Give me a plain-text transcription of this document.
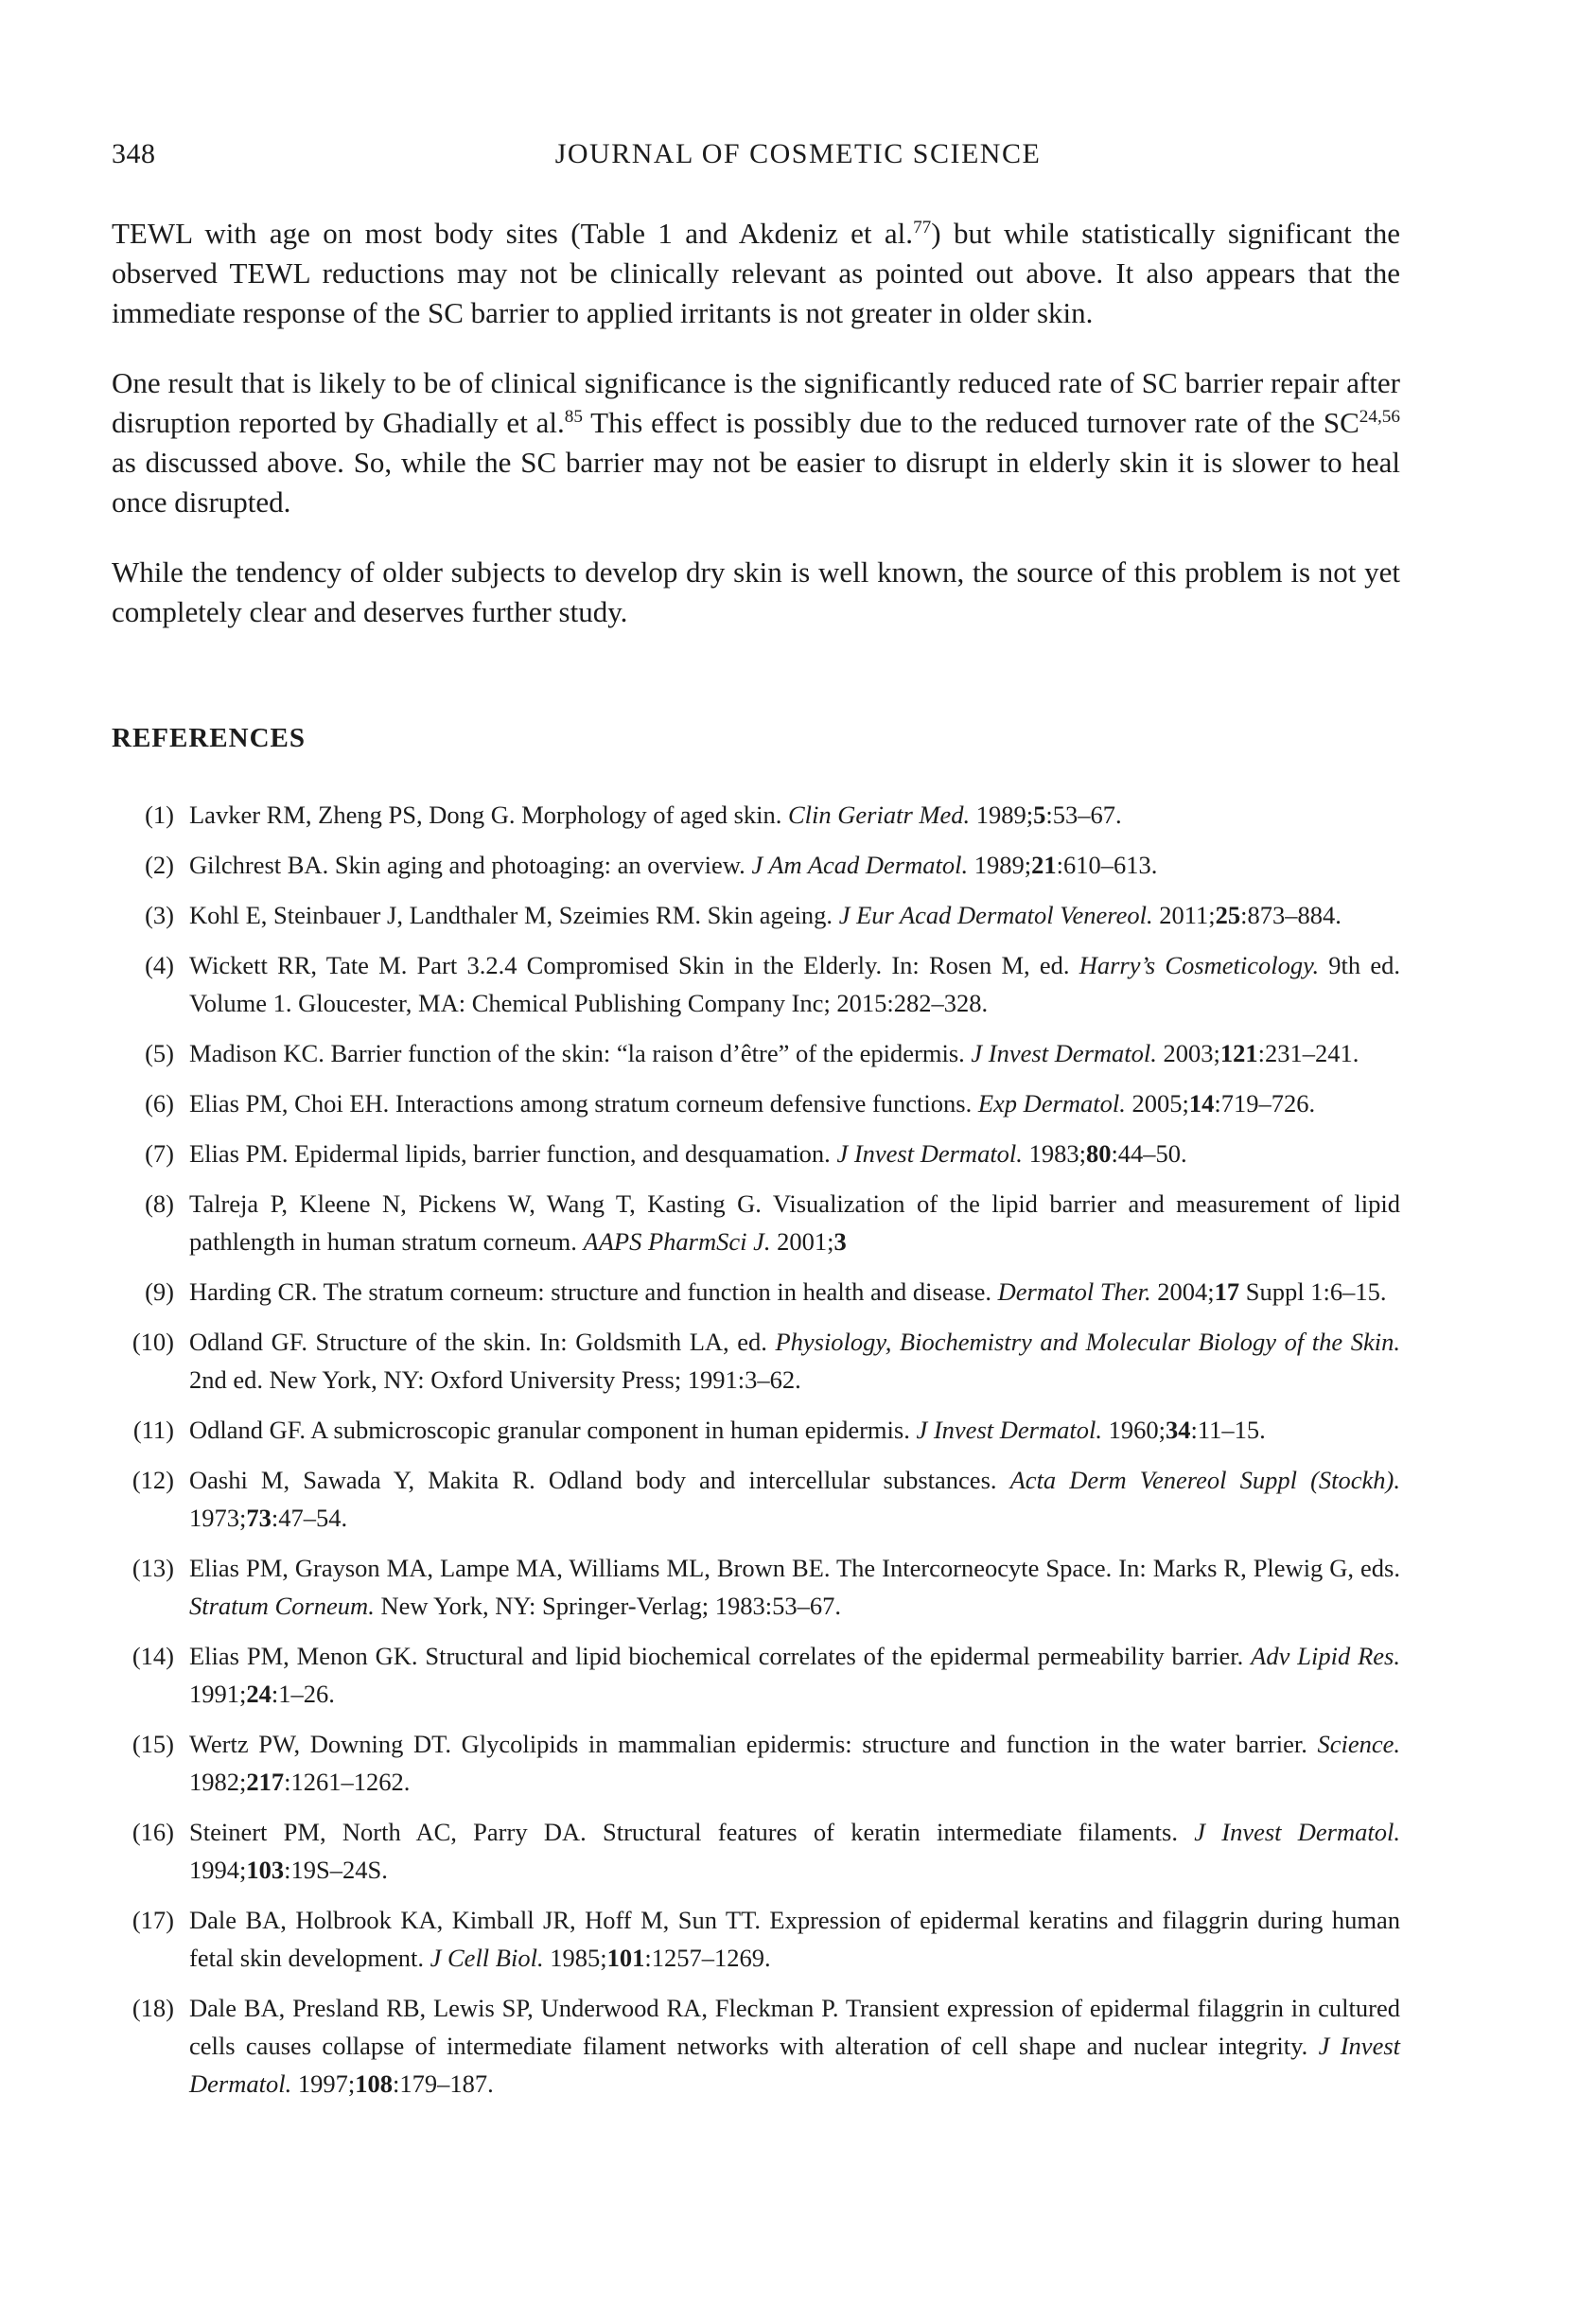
348	JOURNAL OF COSMETIC SCIENCE
TEWL with age on most body sites (Table 1 and Akdeniz et al.$^{77}$) but while statistically significant the observed TEWL reductions may not be clinically relevant as pointed out above. It also appears that the immediate response of the SC barrier to applied irritants is not greater in older skin.
One result that is likely to be of clinical significance is the significantly reduced rate of SC barrier repair after disruption reported by Ghadially et al.$^{85}$ This effect is possibly due to the reduced turnover rate of the SC$^{24,56}$ as discussed above. So, while the SC barrier may not be easier to disrupt in elderly skin it is slower to heal once disrupted.
While the tendency of older subjects to develop dry skin is well known, the source of this problem is not yet completely clear and deserves further study.
REFERENCES
(1) Lavker RM, Zheng PS, Dong G. Morphology of aged skin. Clin Geriatr Med. 1989;5:53–67.
(2) Gilchrest BA. Skin aging and photoaging: an overview. J Am Acad Dermatol. 1989;21:610–613.
(3) Kohl E, Steinbauer J, Landthaler M, Szeimies RM. Skin ageing. J Eur Acad Dermatol Venereol. 2011;25:873–884.
(4) Wickett RR, Tate M. Part 3.2.4 Compromised Skin in the Elderly. In: Rosen M, ed. Harry’s Cosmeticology. 9th ed. Volume 1. Gloucester, MA: Chemical Publishing Company Inc; 2015:282–328.
(5) Madison KC. Barrier function of the skin: “la raison d’être” of the epidermis. J Invest Dermatol. 2003;121:231–241.
(6) Elias PM, Choi EH. Interactions among stratum corneum defensive functions. Exp Dermatol. 2005;14:719–726.
(7) Elias PM. Epidermal lipids, barrier function, and desquamation. J Invest Dermatol. 1983;80:44–50.
(8) Talreja P, Kleene N, Pickens W, Wang T, Kasting G. Visualization of the lipid barrier and measurement of lipid pathlength in human stratum corneum. AAPS PharmSci J. 2001;3
(9) Harding CR. The stratum corneum: structure and function in health and disease. Dermatol Ther. 2004;17 Suppl 1:6–15.
(10) Odland GF. Structure of the skin. In: Goldsmith LA, ed. Physiology, Biochemistry and Molecular Biology of the Skin. 2nd ed. New York, NY: Oxford University Press; 1991:3–62.
(11) Odland GF. A submicroscopic granular component in human epidermis. J Invest Dermatol. 1960;34:11–15.
(12) Oashi M, Sawada Y, Makita R. Odland body and intercellular substances. Acta Derm Venereol Suppl (Stockh). 1973;73:47–54.
(13) Elias PM, Grayson MA, Lampe MA, Williams ML, Brown BE. The Intercorneocyte Space. In: Marks R, Plewig G, eds. Stratum Corneum. New York, NY: Springer-Verlag; 1983:53–67.
(14) Elias PM, Menon GK. Structural and lipid biochemical correlates of the epidermal permeability barrier. Adv Lipid Res. 1991;24:1–26.
(15) Wertz PW, Downing DT. Glycolipids in mammalian epidermis: structure and function in the water barrier. Science. 1982;217:1261–1262.
(16) Steinert PM, North AC, Parry DA. Structural features of keratin intermediate filaments. J Invest Dermatol. 1994;103:19S–24S.
(17) Dale BA, Holbrook KA, Kimball JR, Hoff M, Sun TT. Expression of epidermal keratins and filaggrin during human fetal skin development. J Cell Biol. 1985;101:1257–1269.
(18) Dale BA, Presland RB, Lewis SP, Underwood RA, Fleckman P. Transient expression of epidermal filaggrin in cultured cells causes collapse of intermediate filament networks with alteration of cell shape and nuclear integrity. J Invest Dermatol. 1997;108:179–187.
